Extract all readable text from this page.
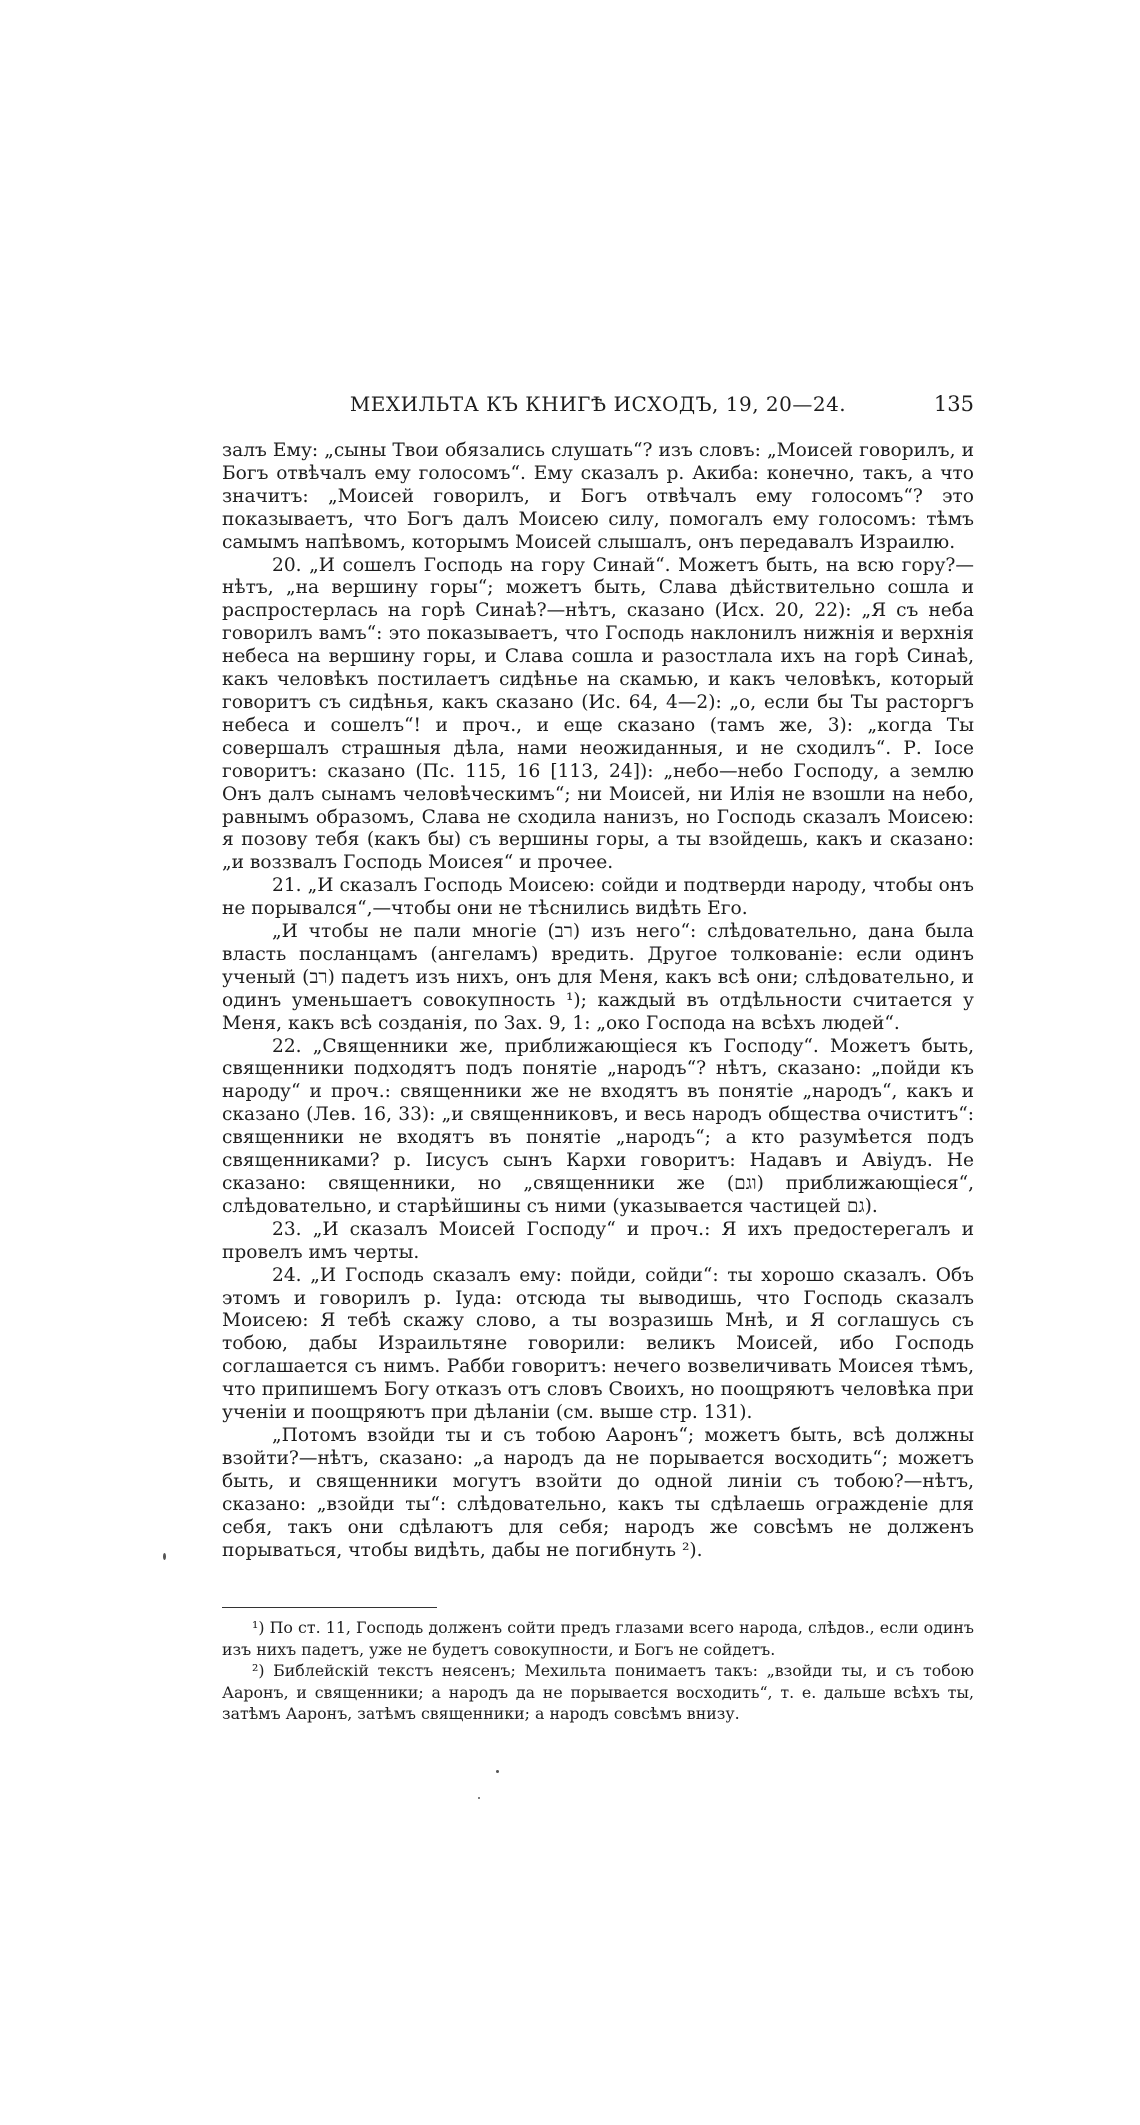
МЕХИЛЬТА КЪ КНИГѢ ИСХОДЪ, 19, 20—24.	135

залъ Ему: „сыны Твои обязались слушать“? изъ словъ: „Моисей говорилъ, и Богъ отвѣчалъ ему голосомъ“. Ему сказалъ р. Акиба: конечно, такъ, а что значитъ: „Моисей говорилъ, и Богъ отвѣчалъ ему голосомъ“? это показываетъ, что Богъ далъ Моисею силу, помогалъ ему голосомъ: тѣмъ самымъ напѣвомъ, которымъ Моисей слышалъ, онъ передавалъ Израилю.

20. „И сошелъ Господь на гору Синай“. Можетъ быть, на всю гору?—нѣтъ, „на вершину горы“; можетъ быть, Слава дѣйствительно сошла и распростерлась на горѣ Синаѣ?—нѣтъ, сказано (Исх. 20, 22): „Я съ неба говорилъ вамъ“: это показываетъ, что Господь наклонилъ нижнія и верхнія небеса на вершину горы, и Слава сошла и разостлала ихъ на горѣ Синаѣ, какъ человѣкъ постилаетъ сидѣнье на скамью, и какъ человѣкъ, который говоритъ съ сидѣнья, какъ сказано (Ис. 64, 4—2): „о, если бы Ты расторгъ небеса и сошелъ“! и проч., и еще сказано (тамъ же, 3): „когда Ты совершалъ страшныя дѣла, нами неожиданныя, и не сходилъ“. Р. Іосе говоритъ: сказано (Пс. 115, 16 [113, 24]): „небо—небо Господу, а землю Онъ далъ сынамъ человѣческимъ“; ни Моисей, ни Илія не взошли на небо, равнымъ образомъ, Слава не сходила нанизъ, но Господь сказалъ Моисею: я позову тебя (какъ бы) съ вершины горы, а ты взойдешь, какъ и сказано: „и воззвалъ Господь Моисея“ и прочее.

21. „И сказалъ Господь Моисею: сойди и подтверди народу, чтобы онъ не порывался“,—чтобы они не тѣснились видѣть Его.

„И чтобы не пали многіе (רב) изъ него“: слѣдовательно, дана была власть посланцамъ (ангеламъ) вредить. Другое толкованіе: если одинъ ученый (רב) падетъ изъ нихъ, онъ для Меня, какъ всѣ они; слѣдовательно, и одинъ уменьшаетъ совокупность ¹); каждый въ отдѣльности считается у Меня, какъ всѣ созданія, по Зах. 9, 1: „око Господа на всѣхъ людей“.

22. „Священники же, приближающіеся къ Господу“. Можетъ быть, священники подходятъ подъ понятіе „народъ“? нѣтъ, сказано: „пойди къ народу“ и проч.: священники же не входятъ въ понятіе „народъ“, какъ и сказано (Лев. 16, 33): „и священниковъ, и весь народъ общества очиститъ“: священники не входятъ въ понятіе „народъ“; а кто разумѣется подъ священниками? р. Іисусъ сынъ Кархи говоритъ: Надавъ и Авіудъ. Не сказано: священники, но „священники же (וגם) приближающіеся“, слѣдовательно, и старѣйшины съ ними (указывается частицей גם).

23. „И сказалъ Моисей Господу“ и проч.: Я ихъ предостерегалъ и провелъ имъ черты.

24. „И Господь сказалъ ему: пойди, сойди“: ты хорошо сказалъ. Объ этомъ и говорилъ р. Іуда: отсюда ты выводишь, что Господь сказалъ Моисею: Я тебѣ скажу слово, а ты возразишь Мнѣ, и Я соглашусь съ тобою, дабы Израильтяне говорили: великъ Моисей, ибо Господь соглашается съ нимъ. Рабби говоритъ: нечего возвеличивать Моисея тѣмъ, что припишемъ Богу отказъ отъ словъ Своихъ, но поощряютъ человѣка при ученіи и поощряютъ при дѣланіи (см. выше стр. 131).

„Потомъ взойди ты и съ тобою Ааронъ“; можетъ быть, всѣ должны взойти?—нѣтъ, сказано: „а народъ да не порывается восходить“; можетъ быть, и священники могутъ взойти до одной линіи съ тобою?—нѣтъ, сказано: „взойди ты“: слѣдовательно, какъ ты сдѣлаешь огражденіе для себя, такъ они сдѣлаютъ для себя; народъ же совсѣмъ не долженъ порываться, чтобы видѣть, дабы не погибнуть ²).

¹) По ст. 11, Господь долженъ сойти предъ глазами всего народа, слѣдов., если одинъ изъ нихъ падетъ, уже не будетъ совокупности, и Богъ не сойдетъ.

²) Библейскій текстъ неясенъ; Мехильта понимаетъ такъ: „взойди ты, и съ тобою Ааронъ, и священники; а народъ да не порывается восходить“, т. е. дальше всѣхъ ты, затѣмъ Ааронъ, затѣмъ священники; а народъ совсѣмъ внизу.
